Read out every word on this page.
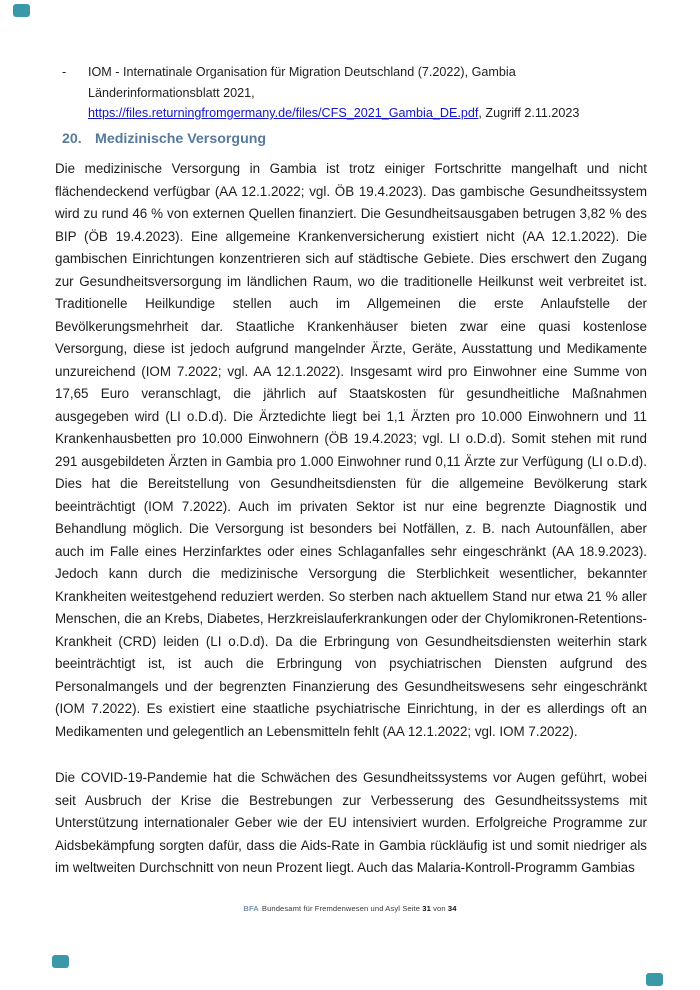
-	IOM - Internatinale Organisation für Migration Deutschland (7.2022), Gambia
Länderinformationsblatt 2021,
https://files.returningfromgermany.de/files/CFS_2021_Gambia_DE.pdf, Zugriff 2.11.2023
20. Medizinische Versorgung

Die medizinische Versorgung in Gambia ist trotz einiger Fortschritte mangelhaft und nicht flächendeckend verfügbar (AA 12.1.2022; vgl. ÖB 19.4.2023). Das gambische Gesundheitssystem wird zu rund 46 % von externen Quellen finanziert. Die Gesundheitsausgaben betrugen 3,82 % des BIP (ÖB 19.4.2023). Eine allgemeine Krankenversicherung existiert nicht (AA 12.1.2022). Die gambischen Einrichtungen konzentrieren sich auf städtische Gebiete. Dies erschwert den Zugang zur Gesundheitsversorgung im ländlichen Raum, wo die traditionelle Heilkunst weit verbreitet ist. Traditionelle Heilkundige stellen auch im Allgemeinen die erste Anlaufstelle der Bevölkerungsmehrheit dar. Staatliche Krankenhäuser bieten zwar eine quasi kostenlose Versorgung, diese ist jedoch aufgrund mangelnder Ärzte, Geräte, Ausstattung und Medikamente unzureichend (IOM 7.2022; vgl. AA 12.1.2022). Insgesamt wird pro Einwohner eine Summe von 17,65 Euro veranschlagt, die jährlich auf Staatskosten für gesundheitliche Maßnahmen ausgegeben wird (LI o.D.d). Die Ärztedichte liegt bei 1,1 Ärzten pro 10.000 Einwohnern und 11 Krankenhausbetten pro 10.000 Einwohnern (ÖB 19.4.2023; vgl. LI o.D.d). Somit stehen mit rund 291 ausgebildeten Ärzten in Gambia pro 1.000 Einwohner rund 0,11 Ärzte zur Verfügung (LI o.D.d). Dies hat die Bereitstellung von Gesundheitsdiensten für die allgemeine Bevölkerung stark beeinträchtigt (IOM 7.2022). Auch im privaten Sektor ist nur eine begrenzte Diagnostik und Behandlung möglich. Die Versorgung ist besonders bei Notfällen, z. B. nach Autounfällen, aber auch im Falle eines Herzinfarktes oder eines Schlaganfalles sehr eingeschränkt (AA 18.9.2023). Jedoch kann durch die medizinische Versorgung die Sterblichkeit wesentlicher, bekannter Krankheiten weitestgehend reduziert werden. So sterben nach aktuellem Stand nur etwa 21 % aller Menschen, die an Krebs, Diabetes, Herzkreislauferkrankungen oder der Chylomikronen-Retentions-Krankheit (CRD) leiden (LI o.D.d). Da die Erbringung von Gesundheitsdiensten weiterhin stark beeinträchtigt ist, ist auch die Erbringung von psychiatrischen Diensten aufgrund des Personalmangels und der begrenzten Finanzierung des Gesundheitswesens sehr eingeschränkt (IOM 7.2022). Es existiert eine staatliche psychiatrische Einrichtung, in der es allerdings oft an Medikamenten und gelegentlich an Lebensmitteln fehlt (AA 12.1.2022; vgl. IOM 7.2022).

Die COVID-19-Pandemie hat die Schwächen des Gesundheitssystems vor Augen geführt, wobei seit Ausbruch der Krise die Bestrebungen zur Verbesserung des Gesundheitssystems mit Unterstützung internationaler Geber wie der EU intensiviert wurden. Erfolgreiche Programme zur Aidsbekämpfung sorgten dafür, dass die Aids-Rate in Gambia rückläufig ist und somit niedriger als im weltweiten Durchschnitt von neun Prozent liegt. Auch das Malaria-Kontroll-Programm Gambias

BFA Bundesamt für Fremdenwesen und Asyl Seite 31 von 34
